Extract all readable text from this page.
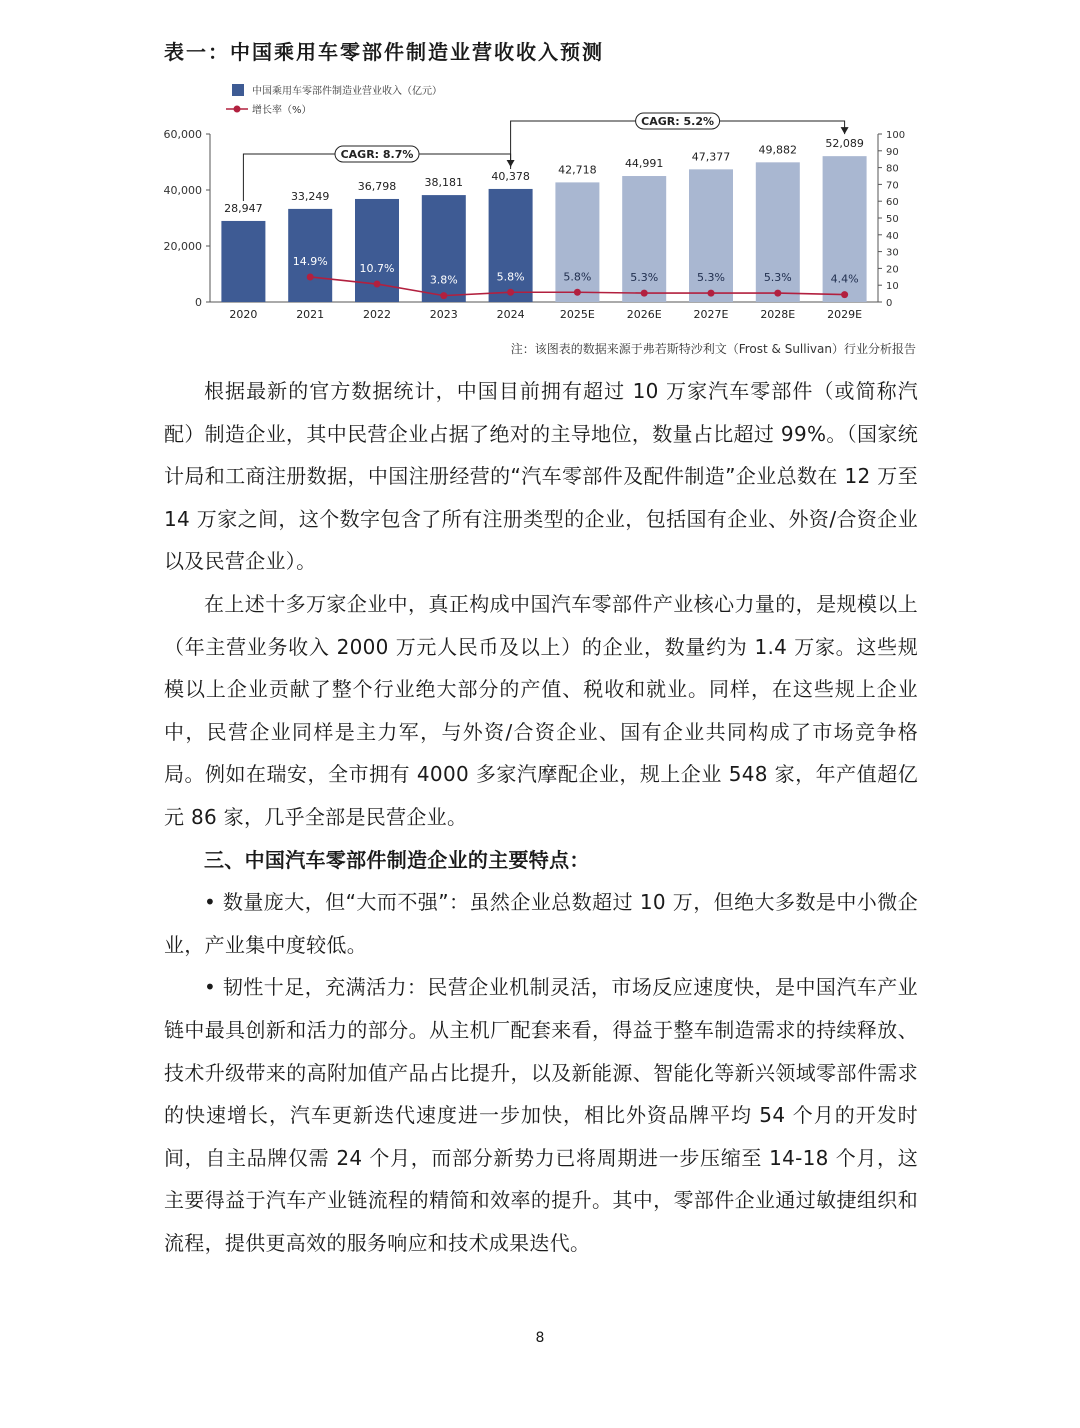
表一：中国乘用车零部件制造业营收收入预测
中国乘用车零部件制造业营业收入（亿元）
增长率（%）
0
20,000
40,000
60,000
0
10
20
30
40
50
60
70
80
90
100
28,947
2020
33,249
2021
36,798
2022
38,181
2023
40,378
2024
42,718
2025E
44,991
2026E
47,377
2027E
49,882
2028E
52,089
2029E
14.9%
10.7%
3.8%	5.8%	5.8%	5.3%	5.3%	5.3%	4.4%
CAGR: 8.7%
CAGR: 5.2%
注：该图表的数据来源于弗若斯特沙利文（Frost & Sullivan）行业分析报告

根据最新的官方数据统计，中国目前拥有超过 10 万家汽车零部件（或简称汽配）制造企业，其中民营企业占据了绝对的主导地位，数量占比超过 99%。（国家统计局和工商注册数据，中国注册经营的“汽车零部件及配件制造”企业总数在 12 万至 14 万家之间，这个数字包含了所有注册类型的企业，包括国有企业、外资/合资企业以及民营企业）。

在上述十多万家企业中，真正构成中国汽车零部件产业核心力量的，是规模以上（年主营业务收入 2000 万元人民币及以上）的企业，数量约为 1.4 万家。这些规模以上企业贡献了整个行业绝大部分的产值、税收和就业。同样，在这些规上企业中，民营企业同样是主力军，与外资/合资企业、国有企业共同构成了市场竞争格局。例如在瑞安，全市拥有 4000 多家汽摩配企业，规上企业 548 家，年产值超亿元 86 家，几乎全部是民营企业。

三、中国汽车零部件制造企业的主要特点：

• 数量庞大，但“大而不强”：虽然企业总数超过 10 万，但绝大多数是中小微企业，产业集中度较低。

• 韧性十足，充满活力：民营企业机制灵活，市场反应速度快，是中国汽车产业链中最具创新和活力的部分。从主机厂配套来看，得益于整车制造需求的持续释放、技术升级带来的高附加值产品占比提升，以及新能源、智能化等新兴领域零部件需求的快速增长，汽车更新迭代速度进一步加快，相比外资品牌平均 54 个月的开发时间，自主品牌仅需 24 个月，而部分新势力已将周期进一步压缩至 14-18 个月，这主要得益于汽车产业链流程的精简和效率的提升。其中，零部件企业通过敏捷组织和流程，提供更高效的服务响应和技术成果迭代。

8
